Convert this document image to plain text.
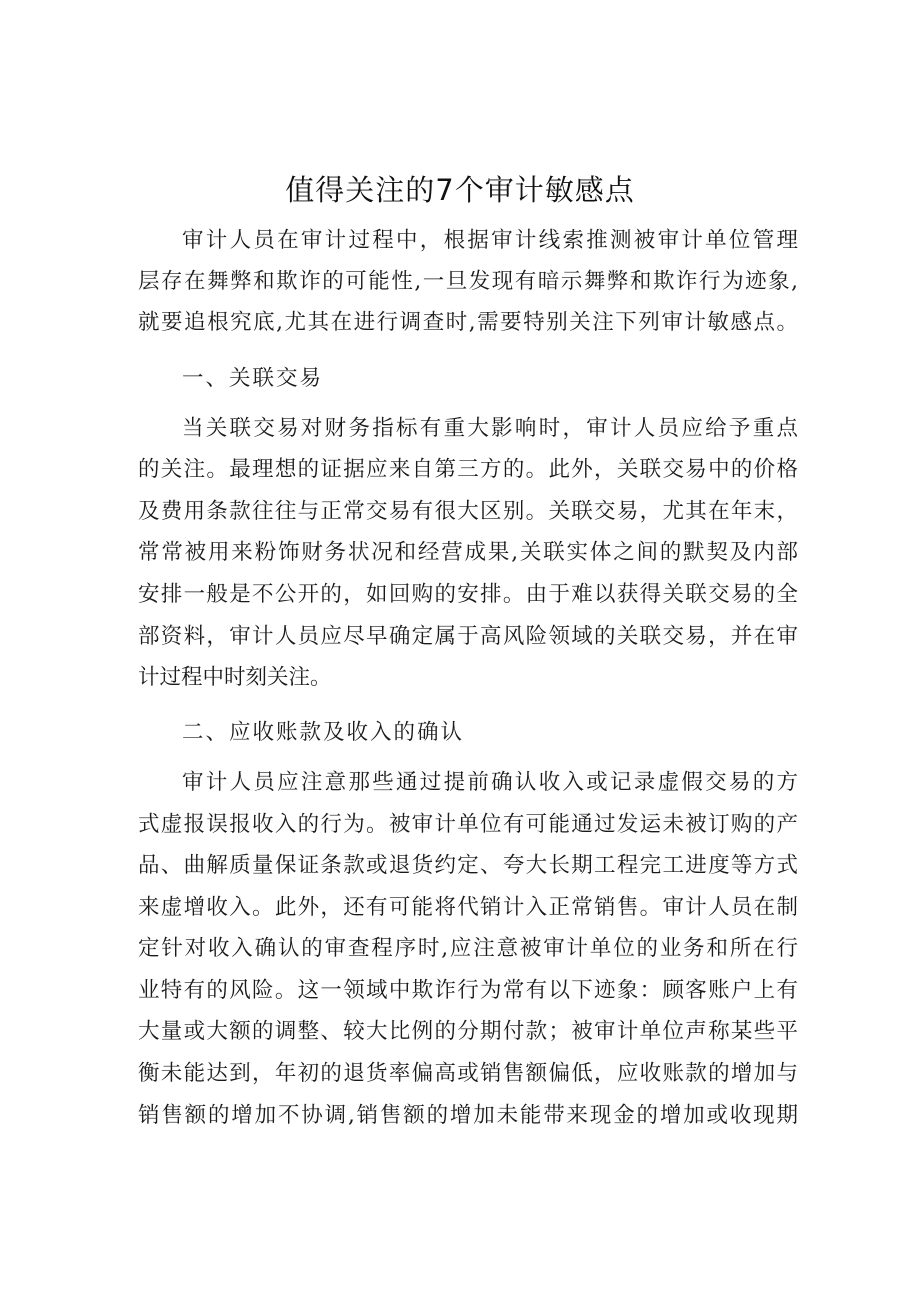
值得关注的7个审计敏感点

审计人员在审计过程中，根据审计线索推测被审计单位管理

层存在舞弊和欺诈的可能性,一旦发现有暗示舞弊和欺诈行为迹象,

就要追根究底,尤其在进行调查时,需要特别关注下列审计敏感点。

一、关联交易

当关联交易对财务指标有重大影响时，审计人员应给予重点

的关注。最理想的证据应来自第三方的。此外，关联交易中的价格

及费用条款往往与正常交易有很大区别。关联交易，尤其在年末，

常常被用来粉饰财务状况和经营成果,关联实体之间的默契及内部

安排一般是不公开的，如回购的安排。由于难以获得关联交易的全

部资料，审计人员应尽早确定属于高风险领域的关联交易，并在审

计过程中时刻关注。

二、应收账款及收入的确认

审计人员应注意那些通过提前确认收入或记录虚假交易的方

式虚报误报收入的行为。被审计单位有可能通过发运未被订购的产

品、曲解质量保证条款或退货约定、夸大长期工程完工进度等方式

来虚增收入。此外，还有可能将代销计入正常销售。审计人员在制

定针对收入确认的审查程序时,应注意被审计单位的业务和所在行

业特有的风险。这一领域中欺诈行为常有以下迹象：顾客账户上有

大量或大额的调整、较大比例的分期付款；被审计单位声称某些平

衡未能达到，年初的退货率偏高或销售额偏低，应收账款的增加与

销售额的增加不协调,销售额的增加未能带来现金的增加或收现期
